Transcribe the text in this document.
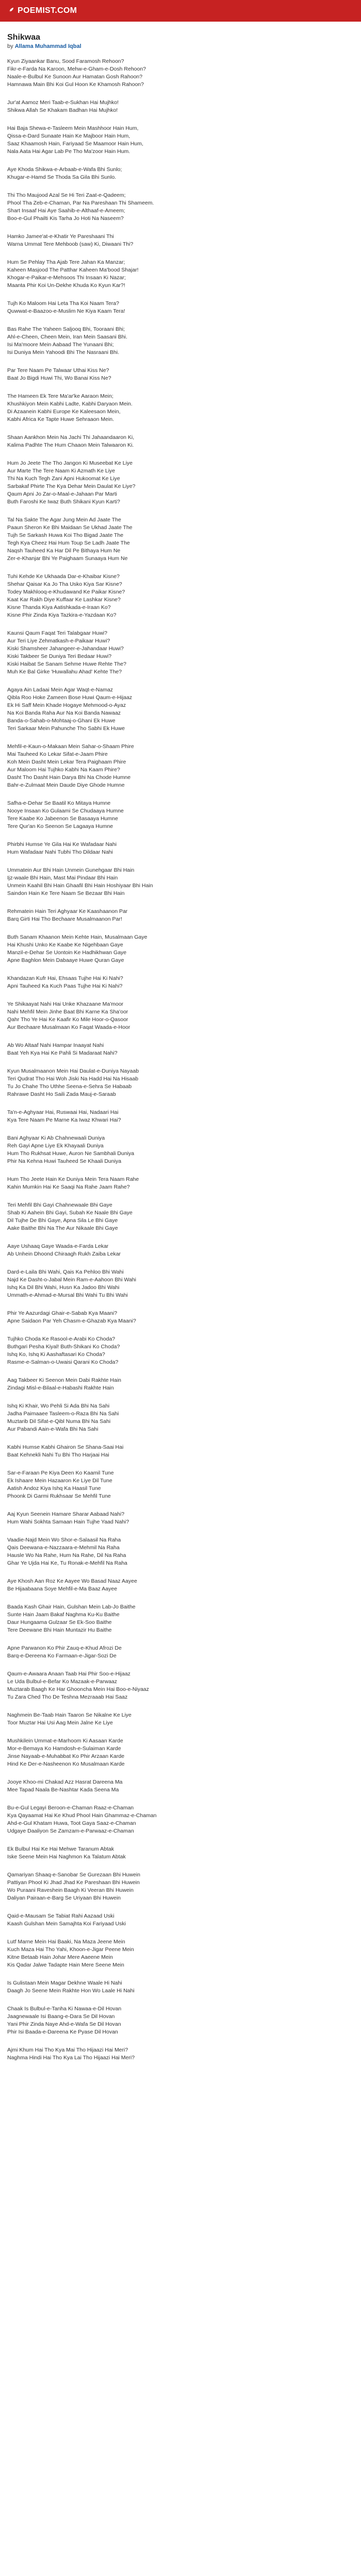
POEMIST.COM
Shikwaa
by Allama Muhammad Iqbal
Kyun Ziyaankar Banu, Sood Faramosh Rehoon?
Fikr-e-Farda Na Karoon, Mehw-e-Gham-e-Dosh Rehoon?
Naale-e-Bulbul Ke Sunoon Aur Hamatan Gosh Rahoon?
Hamnawa Main Bhi Koi Gul Hoon Ke Khamosh Rahoon?
Jur'at Aamoz Meri Taab-e-Sukhan Hai Mujhko!
Shikwa Allah Se Khakam Badhan Hai Mujhko!
Hai Baja Shewa-e-Tasleem Mein Mashhoor Hain Hum,
Qissa-e-Dard Sunaate Hain Ke Majboor Hain Hum,
Saaz Khaamosh Hain, Fariyaad Se Maamoor Hain Hum,
Nala Aata Hai Agar Lab Pe Tho Ma'zoor Hain Hum.
Aye Khoda Shikwa-e-Arbaab-e-Wafa Bhi Sunlo;
Khugar-e-Hamd Se Thoda Sa Gila Bhi Sunlo.
Thi Tho Maujood Azal Se Hi Teri Zaat-e-Qadeem;
Phool Tha Zeb-e-Chaman, Par Na Pareshaan Thi Shameem.
Shart Insaaf Hai Aye Saahib-e-Althaaf-e-Ameem;
Boo-e-Gul Phailti Kis Tarha Jo Hoti Na Naseem?
Hamko Jamee'at-e-Khatir Ye Pareshaani Thi
Warna Ummat Tere Mehboob (saw) Ki, Diwaani Thi?
Hum Se Pehlay Tha Ajab Tere Jahan Ka Manzar;
Kaheen Masjood The Patthar Kaheen Ma'bood Shajar!
Khogar-e-Paikar-e-Mehsoos Thi Insaan Ki Nazar;
Maanta Phir Koi Un-Dekhe Khuda Ko Kyun Kar?!
Tujh Ko Maloom Hai Leta Tha Koi Naam Tera?
Quwwat-e-Baazoo-e-Muslim Ne Kiya Kaam Tera!
Bas Rahe The Yaheen Saljooq Bhi, Tooraani Bhi;
Ahl-e-Cheen, Cheen Mein, Iran Mein Saasani Bhi.
Isi Ma'moore Mein Aabaad The Yunaani Bhi;
Isi Duniya Mein Yahoodi Bhi The Nasraani Bhi.
Par Tere Naam Pe Talwaar Uthai Kiss Ne?
Baat Jo Bigdi Huwi Thi, Wo Banai Kiss Ne?
The Hameen Ek Tere Ma'ar'ke Aaraon Mein;
Khushkiyon Mein Kabhi Ladte, Kabhi Daryaon Mein.
Di Azaanein Kabhi Europe Ke Kaleesaon Mein,
Kabhi Africa Ke Tapte Huwe Sehraaon Mein.
Shaan Aankhon Mein Na Jachi Thi Jahaandaaron Ki,
Kalima Padhte The Hum Chaaon Mein Talwaaron Ki.
Hum Jo Jeete The Tho Jangon Ki Museebat Ke Liye
Aur Marte The Tere Naam Ki Azmath Ke Liye
Thi Na Kuch Tegh Zani Apni Hukoomat Ke Liye
Sarbakaf Phirte The Kya Dehar Mein Daulat Ke Liye?
Qaum Apni Jo Zar-o-Maal-e-Jahaan Par Marti
Buth Faroshi Ke Iwaz Buth Shikani Kyun Karti?
Tal Na Sakte The Agar Jung Mein Ad Jaate The
Paaun Sheron Ke Bhi Maidaan Se Ukhad Jaate The
Tujh Se Sarkash Huwa Koi Tho Bigad Jaate The
Tegh Kya Cheez Hai Hum Toup Se Ladh Jaate The
Naqsh Tauheed Ka Har Dil Pe Bithaya Hum Ne
Zer-e-Khanjar Bhi Ye Paighaam Sunaaya Hum Ne
Tuhi Kehde Ke Ukhaada Dar-e-Khaibar Kisne?
Shehar Qaisar Ka Jo Tha Usko Kiya Sar Kisne?
Todey Makhlooq-e-Khudawand Ke Paikar Kisne?
Kaat Kar Rakh Diye Kuffaar Ke Lashkar Kisne?
Kisne Thanda Kiya Aatishkada-e-Iraan Ko?
Kisne Phir Zinda Kiya Tazkira-e-Yazdaan Ko?
Kaunsi Qaum Faqat Teri Talabgaar Huwi?
Aur Teri Liye Zehmatkash-e-Paikaar Huwi?
Kiski Shamsheer Jahangeer-e-Jahandaar Huwi?
Kiski Takbeer Se Duniya Teri Bedaar Huwi?
Kiski Haibat Se Sanam Sehme Huwe Rehte The?
Muh Ke Bal Girke 'Huwallahu Ahad' Kehte The?
Agaya Ain Ladaai Mein Agar Waqt-e-Namaz
Qibla Roo Hoke Zameen Bose Huwi Qaum-e-Hijaaz
Ek Hi Saff Mein Khade Hogaye Mehmood-o-Ayaz
Na Koi Banda Raha Aur Na Koi Banda Nawaaz
Banda-o-Sahab-o-Mohtaaj-o-Ghani Ek Huwe
Teri Sarkaar Mein Pahunche Tho Sabhi Ek Huwe
Mehfil-e-Kaun-o-Makaan Mein Sahar-o-Shaam Phire
Mai Tauheed Ko Lekar Sifat-e-Jaam Phire
Koh Mein Dasht Mein Lekar Tera Paighaam Phire
Aur Maloom Hai Tujhko Kabhi Na Kaam Phire?
Dasht Tho Dasht Hain Darya Bhi Na Chode Humne
Bahr-e-Zulmaat Mein Daude Diye Ghode Humne
Safha-e-Dehar Se Baatil Ko Mitaya Humne
Nooye Insaan Ko Gulaami Se Chudaaya Humne
Tere Kaabe Ko Jabeenon Se Basaaya Humne
Tere Qur'an Ko Seenon Se Lagaaya Humne
Phirbhi Humse Ye Gila Hai Ke Wafadaar Nahi
Hum Wafadaar Nahi Tubhi Tho Dildaar Nahi
Ummatein Aur Bhi Hain Unmein Gunehgaar Bhi Hain
Ijz-waale Bhi Hain, Mast Mai Pindaar Bhi Hain
Unmein Kaahil Bhi Hain Ghaafil Bhi Hain Hoshiyaar Bhi Hain
Saindon Hain Ke Tere Naam Se Bezaar Bhi Hain
Rehmatein Hain Teri Aghyaar Ke Kaashaanon Par
Barq Girti Hai Tho Bechaare Musalmaanon Par!
Buth Sanam Khaanon Mein Kehte Hain, Musalmaan Gaye
Hai Khushi Unko Ke Kaabe Ke Nigehbaan Gaye
Manzil-e-Dehar Se Uontoin Ke Hadhikhwan Gaye
Apne Baghlon Mein Dabaaye Huwe Quran Gaye
Khandazan Kufr Hai, Ehsaas Tujhe Hai Ki Nahi?
Apni Tauheed Ka Kuch Paas Tujhe Hai Ki Nahi?
Ye Shikaayat Nahi Hai Unke Khazaane Ma'moor
Nahi Mehfil Mein Jinhe Baat Bhi Karne Ka Sha'oor
Qahr Tho Ye Hai Ke Kaafir Ko Mile Hoor-o-Qasoor
Aur Bechaare Musalmaan Ko Faqat Waada-e-Hoor
Ab Wo Altaaf Nahi Hampar Inaayat Nahi
Baat Yeh Kya Hai Ke Pahli Si Madaraat Nahi?
Kyun Musalmaanon Mein Hai Daulat-e-Duniya Nayaab
Teri Qudrat Tho Hai Woh Jiski Na Hadd Hai Na Hisaab
Tu Jo Chahe Tho Uthhe Seena-e-Sehra Se Habaab
Rahrawe Dasht Ho Saili Zada Mauj-e-Saraab
Ta'n-e-Aghyaar Hai, Ruswaai Hai, Nadaari Hai
Kya Tere Naam Pe Marne Ka Iwaz Khwari Hai?
Bani Aghyaar Ki Ab Chahnewaali Duniya
Reh Gayi Apne Liye Ek Khayaali Duniya
Hum Tho Rukhsat Huwe, Auron Ne Sambhali Duniya
Phir Na Kehna Huwi Tauheed Se Khaali Duniya
Hum Tho Jeete Hain Ke Duniya Mein Tera Naam Rahe
Kahin Mumkin Hai Ke Saaqi Na Rahe Jaam Rahe?
Teri Mehfil Bhi Gayi Chahnewaale Bhi Gaye
Shab Ki Aahein Bhi Gayi, Subah Ke Naale Bhi Gaye
Dil Tujhe De Bhi Gaye, Apna Sila Le Bhi Gaye
Aake Baithe Bhi Na The Aur Nikaale Bhi Gaye
Aaye Ushaaq Gaye Waada-e-Farda Lekar
Ab Unhein Dhoond Chiraagh Rukh Zaiba Lekar
Dard-e-Laila Bhi Wahi, Qais Ka Pehloo Bhi Wahi
Najd Ke Dasht-o-Jabal Mein Ram-e-Aahoon Bhi Wahi
Ishq Ka Dil Bhi Wahi, Husn Ka Jadoo Bhi Wahi
Ummath-e-Ahmad-e-Mursal Bhi Wahi Tu Bhi Wahi
Phir Ye Aazurdagi Ghair-e-Sabab Kya Maani?
Apne Saidaon Par Yeh Chasm-e-Ghazab Kya Maani?
Tujhko Choda Ke Rasool-e-Arabi Ko Choda?
Buthgari Pesha Kiyal! Buth-Shikani Ko Choda?
Ishq Ko, Ishq Ki Aashaftasari Ko Choda?
Rasme-e-Salman-o-Uwaisi Qarani Ko Choda?
Aag Takbeer Ki Seenon Mein Dabi Rakhte Hain
Zindagi Misl-e-Bilaal-e-Habashi Rakhte Hain
Ishq Ki Khair, Wo Pehli Si Ada Bhi Na Sahi
Jadha Paimaaee Tasleem-o-Raza Bhi Na Sahi
Muztarib Dil Sifat-e-Qibl Numa Bhi Na Sahi
Aur Pabandi Aain-e-Wafa Bhi Na Sahi
Kabhi Humse Kabhi Ghairon Se Shana-Saai Hai
Baat Kehnekli Nahi Tu Bhi Tho Harjaai Hai
Sar-e-Faraan Pe Kiya Deen Ko Kaamil Tune
Ek Ishaare Mein Hazaaron Ke Liye Dil Tune
Aatish Andoz Kiya Ishq Ka Haasil Tune
Phoonk Di Garmi Rukhsaar Se Mehfil Tune
Aaj Kyun Seenein Hamare Sharar Aabaad Nahi?
Hum Wahi Sokhta Samaan Hain Tujhe Yaad Nahi?
Vaadie-Najd Mein Wo Shor-e-Salaasil Na Raha
Qais Deewana-e-Nazzaara-e-Mehmil Na Raha
Hausle Wo Na Rahe, Hum Na Rahe, Dil Na Raha
Ghar Ye Ujda Hai Ke, Tu Ronak-e-Mehfil Na Raha
Aye Khosh Aan Roz Ke Aayee Wo Basad Naaz Aayee
Be Hijaabaana Soye Mehfil-e-Ma Baaz Aayee
Baada Kash Ghair Hain, Gulshan Mein Lab-Jo Baithe
Sunte Hain Jaam Bakaf Naghma Ku-Ku Baithe
Daur Hungaama Gulzaar Se Ek-Soo Baithe
Tere Deewane Bhi Hain Muntazir Hu Baithe
Apne Parwanon Ko Phir Zauq-e-Khud Afrozi De
Barq-e-Dereena Ko Farmaan-e-Jigar-Sozi De
Qaum-e-Awaara Anaan Taab Hai Phir Soo-e-Hijaaz
Le Uda Bulbul-e-Befar Ko Mazaak-e-Parwaaz
Muztarab Baagh Ke Har Ghooncha Mein Hai Boo-e-Niyaaz
Tu Zara Ched Tho De Teshna Mezraaab Hai Saaz
Naghmein Be-Taab Hain Taaron Se Nikalne Ke Liye
Toor Muztar Hai Usi Aag Mein Jalne Ke Liye
Mushkilein Ummat-e-Marhoom Ki Aasaan Karde
Mor-e-Bemaya Ko Hamdosh-e-Sulaiman Karde
Jinse Nayaab-e-Muhabbat Ko Phir Arzaan Karde
Hind Ke Der-e-Nasheenon Ko Musalmaan Karde
Jooye Khoo-mi Chakad Azz Hasrat Dareena Ma
Mee Tapad Naala Be-Nashtar Kada Seena Ma
Bu-e-Gul Legayi Beroon-e-Chaman Raaz-e-Chaman
Kya Qayaamat Hai Ke Khud Phool Hain Ghammaz-e-Chaman
Ahd-e-Gul Khatam Huwa, Toot Gaya Saaz-e-Chaman
Udgaye Daaliyon Se Zamzam-e-Parwaaz-e-Chaman
Ek Bulbul Hai Ke Hai Mehwe Taranum Abtak
Iske Seene Mein Hai Naghmon Ka Talatum Abtak
Qamariyan Shaaq-e-Sanobar Se Gurezaan Bhi Huwein
Pattiyan Phool Ki Jhad Jhad Ke Pareshaan Bhi Huwein
Wo Puraani Raveshein Baagh Ki Veeran Bhi Huwein
Daliyan Pairaan-e-Barg Se Uriyaan Bhi Huwein
Qaid-e-Mausam Se Tabiat Rahi Aazaad Uski
Kaash Gulshan Mein Samajhta Koi Fariyaad Uski
Lutf Marne Mein Hai Baaki, Na Maza Jeene Mein
Kuch Maza Hai Tho Yahi, Khoon-e-Jigar Peene Mein
Kitne Betaab Hain Johar Mere Aaeene Mein
Kis Qadar Jalwe Tadapte Hain Mere Seene Mein
Is Gulistaan Mein Magar Dekhne Waale Hi Nahi
Daagh Jo Seene Mein Rakhte Hon Wo Laale Hi Nahi
Chaak Is Bulbul-e-Tanha Ki Nawaa-e-Dil Hovan
Jaagnewaale Isi Baang-e-Dara Se Dil Hovan
Yani Phir Zinda Naye Ahd-e-Wafa Se Dil Hovan
Phir Isi Baada-e-Dareena Ke Pyase Dil Hovan
Ajmi Khum Hai Tho Kya Mai Tho Hijaazi Hai Meri?
Naghma Hindi Hai Tho Kya Lai Tho Hijaazi Hai Meri?
